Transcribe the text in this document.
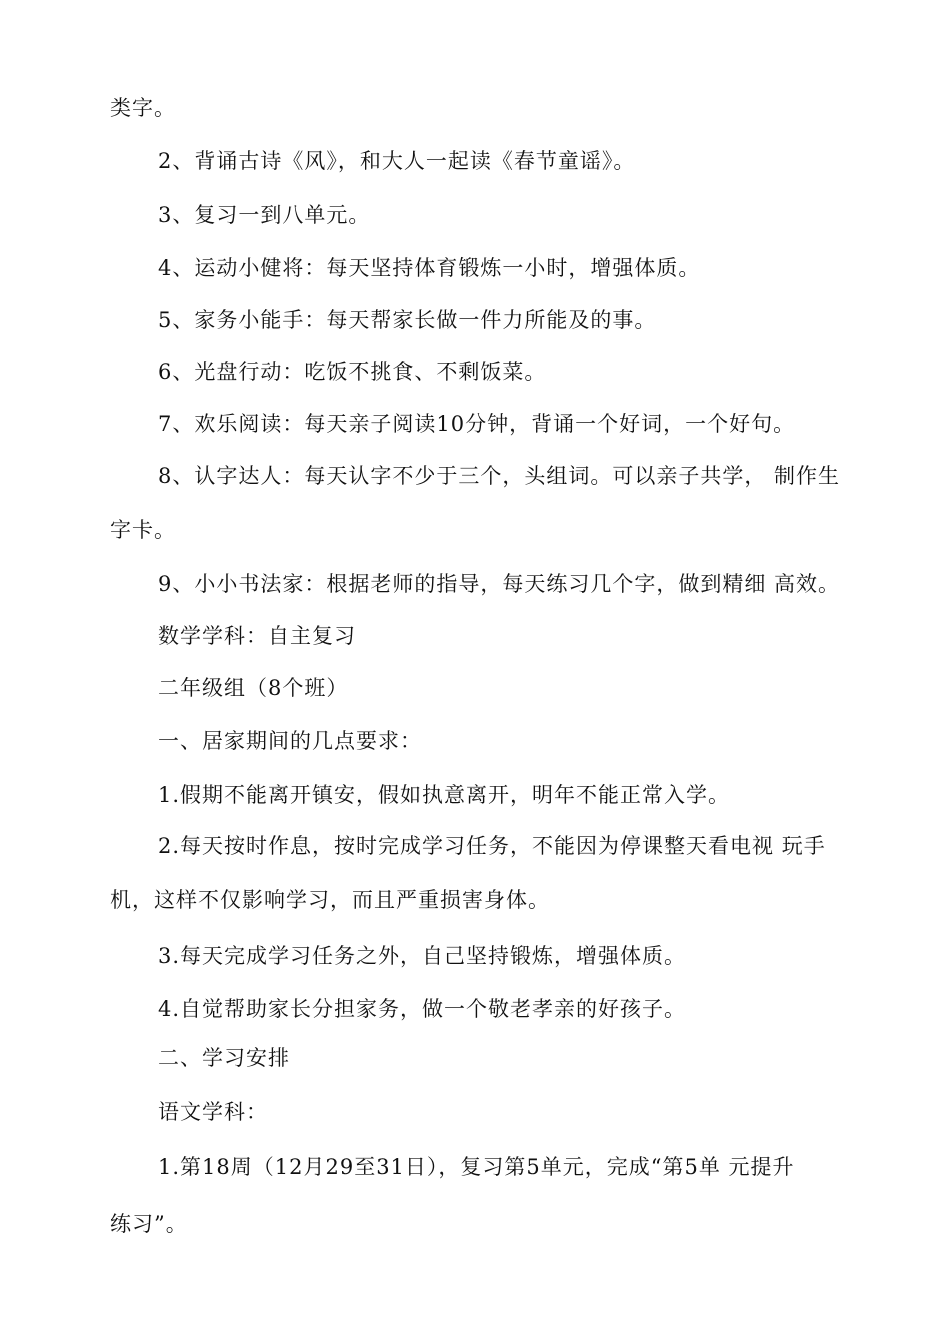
类字。
2、背诵古诗《风》，和大人一起读《春节童谣》。
3、复习一到八单元。
4、运动小健将：每天坚持体育锻炼一小时，增强体质。
5、家务小能手：每天帮家长做一件力所能及的事。
6、光盘行动：吃饭不挑食、不剩饭菜。
7、欢乐阅读：每天亲子阅读10分钟，背诵一个好词，一个好句。
8、认字达人：每天认字不少于三个，头组词。可以亲子共学， 制作生
字卡。
9、小小书法家：根据老师的指导，每天练习几个字，做到精细 高效。
数学学科：自主复习
二年级组（8个班）
一、居家期间的几点要求：
1.假期不能离开镇安，假如执意离开，明年不能正常入学。
2.每天按时作息，按时完成学习任务，不能因为停课整天看电视 玩手
机，这样不仅影响学习，而且严重损害身体。
3.每天完成学习任务之外，自己坚持锻炼，增强体质。
4.自觉帮助家长分担家务，做一个敬老孝亲的好孩子。
二、学习安排
语文学科：
1.第18周（12月29至31日），复习第5单元，完成“第5单 元提升
练习”。
